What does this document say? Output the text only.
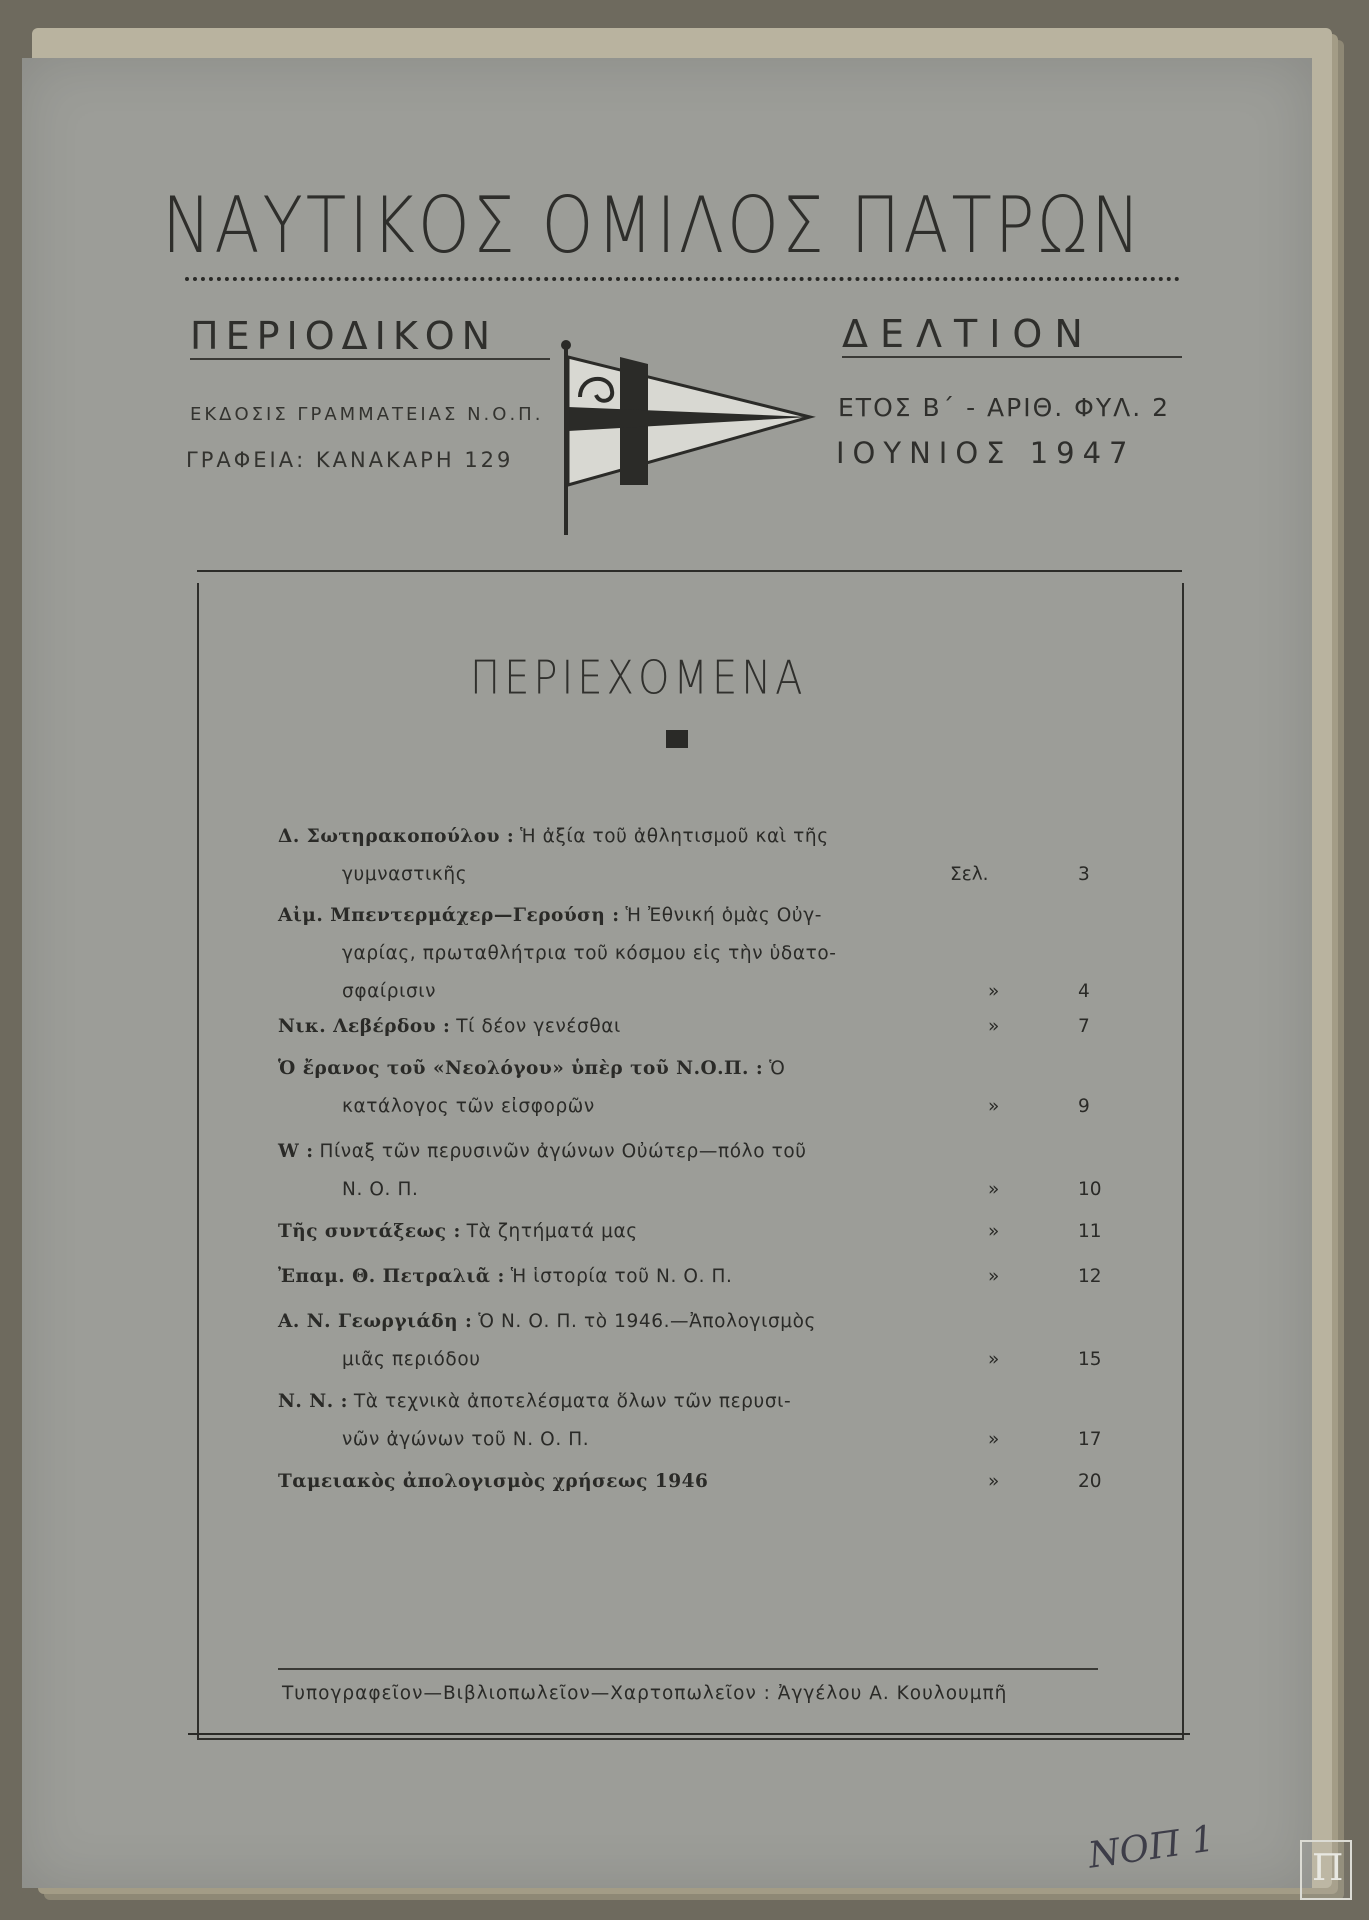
ΝΑΥΤΙΚΟΣ ΟΜΙΛΟΣ ΠΑΤΡΩΝ
ΠΕΡΙΟΔΙΚΟΝ	ΔΕΛΤΙΟΝ
ΕΚΔΟΣΙΣ ΓΡΑΜΜΑΤΕΙΑΣ Ν.Ο.Π.
ΓΡΑΦΕΙΑ: ΚΑΝΑΚΑΡΗ 129
ΕΤΟΣ Β΄ - ΑΡΙΘ. ΦΥΛ. 2
ΙΟΥΝΙΟΣ 1947
ΠΕΡΙΕΧΟΜΕΝΑ
Δ. Σωτηρακοπούλου : Ἡ ἀξία τοῦ ἀθλητισμοῦ καὶ τῆς
γυμναστικῆς	Σελ.	3
Αἰμ. Μπεντερμάχερ—Γερούση : Ἡ Ἐθνική ὁμὰς Οὐγ-
γαρίας, πρωταθλήτρια τοῦ κόσμου εἰς τὴν ὑδατο-
σφαίρισιν	»	4
Νικ. Λεβέρδου : Τί δέον γενέσθαι	»	7
Ὁ ἔρανος τοῦ «Νεολόγου» ὑπὲρ τοῦ Ν.Ο.Π. : Ὁ
κατάλογος τῶν εἰσφορῶν	»	9
W : Πίναξ τῶν περυσινῶν ἀγώνων Οὐώτερ—πόλο τοῦ
Ν. Ο. Π.	»	10
Τῆς συντάξεως : Τὰ ζητήματά μας	»	11
Ἐπαμ. Θ. Πετραλιᾶ : Ἡ ἱστορία τοῦ Ν. Ο. Π.	»	12
Α. Ν. Γεωργιάδη : Ὁ Ν. Ο. Π. τὸ 1946.—Ἀπολογισμὸς
μιᾶς περιόδου	»	15
Ν. Ν. : Τὰ τεχνικὰ ἀποτελέσματα ὅλων τῶν περυσι-
νῶν ἀγώνων τοῦ Ν. Ο. Π.	»	17
Ταμειακὸς ἀπολογισμὸς χρήσεως 1946	»	20
Τυπογραφεῖον—Βιβλιοπωλεῖον—Χαρτοπωλεῖον : Ἀγγέλου Α. Κουλουμπῆ
ΝΟΠ 1	Π
